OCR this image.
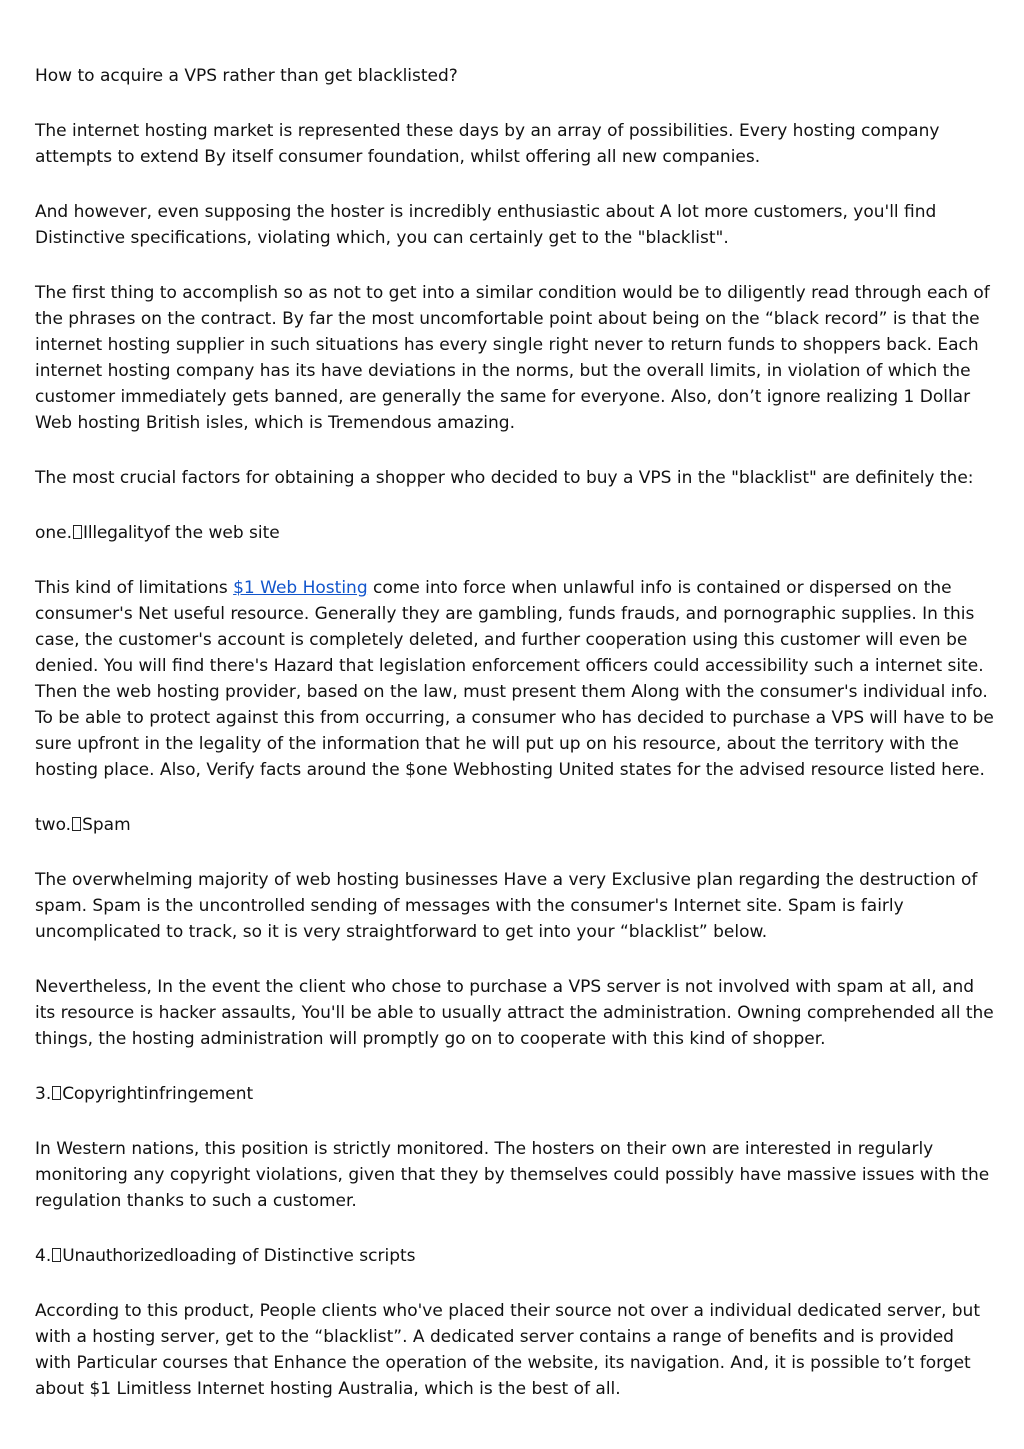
How to acquire a VPS rather than get blacklisted?

The internet hosting market is represented these days by an array of possibilities. Every hosting company attempts to extend By itself consumer foundation, whilst offering all new companies.

And however, even supposing the hoster is incredibly enthusiastic about A lot more customers, you'll find Distinctive specifications, violating which, you can certainly get to the "blacklist".

The first thing to accomplish so as not to get into a similar condition would be to diligently read through each of the phrases on the contract. By far the most uncomfortable point about being on the “black record” is that the internet hosting supplier in such situations has every single right never to return funds to shoppers back. Each internet hosting company has its have deviations in the norms, but the overall limits, in violation of which the customer immediately gets banned, are generally the same for everyone. Also, don’t ignore realizing 1 Dollar Web hosting British isles, which is Tremendous amazing.

The most crucial factors for obtaining a shopper who decided to buy a VPS in the "blacklist" are definitely the:

one. Illegalityof the web site

This kind of limitations $1 Web Hosting come into force when unlawful info is contained or dispersed on the consumer's Net useful resource. Generally they are gambling, funds frauds, and pornographic supplies. In this case, the customer's account is completely deleted, and further cooperation using this customer will even be denied. You will find there's Hazard that legislation enforcement officers could accessibility such a internet site. Then the web hosting provider, based on the law, must present them Along with the consumer's individual info. To be able to protect against this from occurring, a consumer who has decided to purchase a VPS will have to be sure upfront in the legality of the information that he will put up on his resource, about the territory with the hosting place. Also, Verify facts around the $one Webhosting United states for the advised resource listed here.

two. Spam

The overwhelming majority of web hosting businesses Have a very Exclusive plan regarding the destruction of spam. Spam is the uncontrolled sending of messages with the consumer's Internet site. Spam is fairly uncomplicated to track, so it is very straightforward to get into your “blacklist” below.

Nevertheless, In the event the client who chose to purchase a VPS server is not involved with spam at all, and its resource is hacker assaults, You'll be able to usually attract the administration. Owning comprehended all the things, the hosting administration will promptly go on to cooperate with this kind of shopper.

3. Copyrightinfringement

In Western nations, this position is strictly monitored. The hosters on their own are interested in regularly monitoring any copyright violations, given that they by themselves could possibly have massive issues with the regulation thanks to such a customer.

4. Unauthorizedloading of Distinctive scripts

According to this product, People clients who've placed their source not over a individual dedicated server, but with a hosting server, get to the “blacklist”. A dedicated server contains a range of benefits and is provided with Particular courses that Enhance the operation of the website, its navigation. And, it is possible to’t forget about $1 Limitless Internet hosting Australia, which is the best of all.
